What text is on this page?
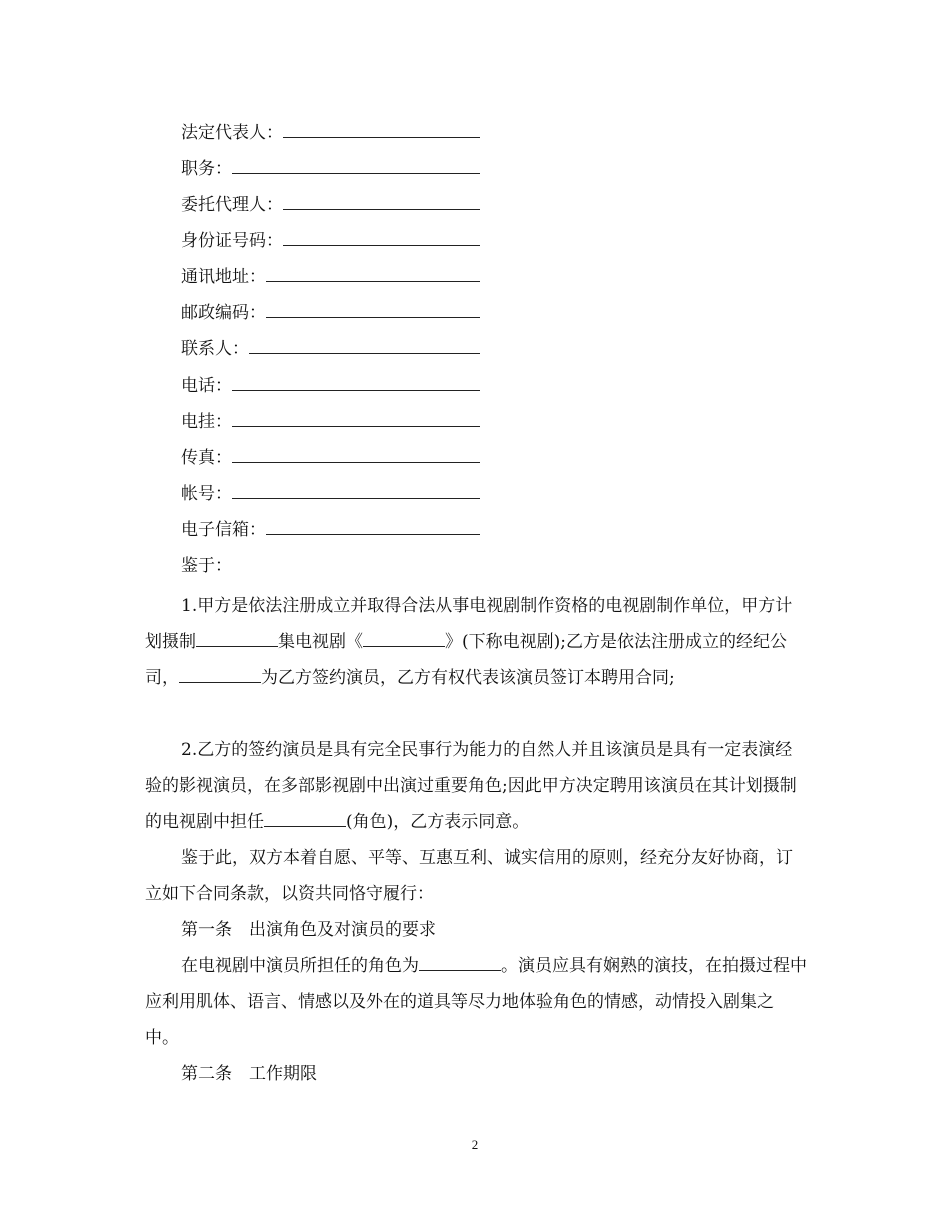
法定代表人：
职务：
委托代理人：
身份证号码：
通讯地址：
邮政编码：
联系人：
电话：
电挂：
传真：
帐号：
电子信箱：
鉴于：
1.甲方是依法注册成立并取得合法从事电视剧制作资格的电视剧制作单位，甲方计划摄制	集电视剧《	》(下称电视剧);乙方是依法注册成立的经纪公司，	为乙方签约演员，乙方有权代表该演员签订本聘用合同;
2.乙方的签约演员是具有完全民事行为能力的自然人并且该演员是具有一定表演经验的影视演员，在多部影视剧中出演过重要角色;因此甲方决定聘用该演员在其计划摄制的电视剧中担任	(角色)，乙方表示同意。
鉴于此，双方本着自愿、平等、互惠互利、诚实信用的原则，经充分友好协商，订立如下合同条款，以资共同恪守履行：
第一条　出演角色及对演员的要求
在电视剧中演员所担任的角色为	。演员应具有娴熟的演技，在拍摄过程中应利用肌体、语言、情感以及外在的道具等尽力地体验角色的情感，动情投入剧集之中。
第二条　工作期限
2
